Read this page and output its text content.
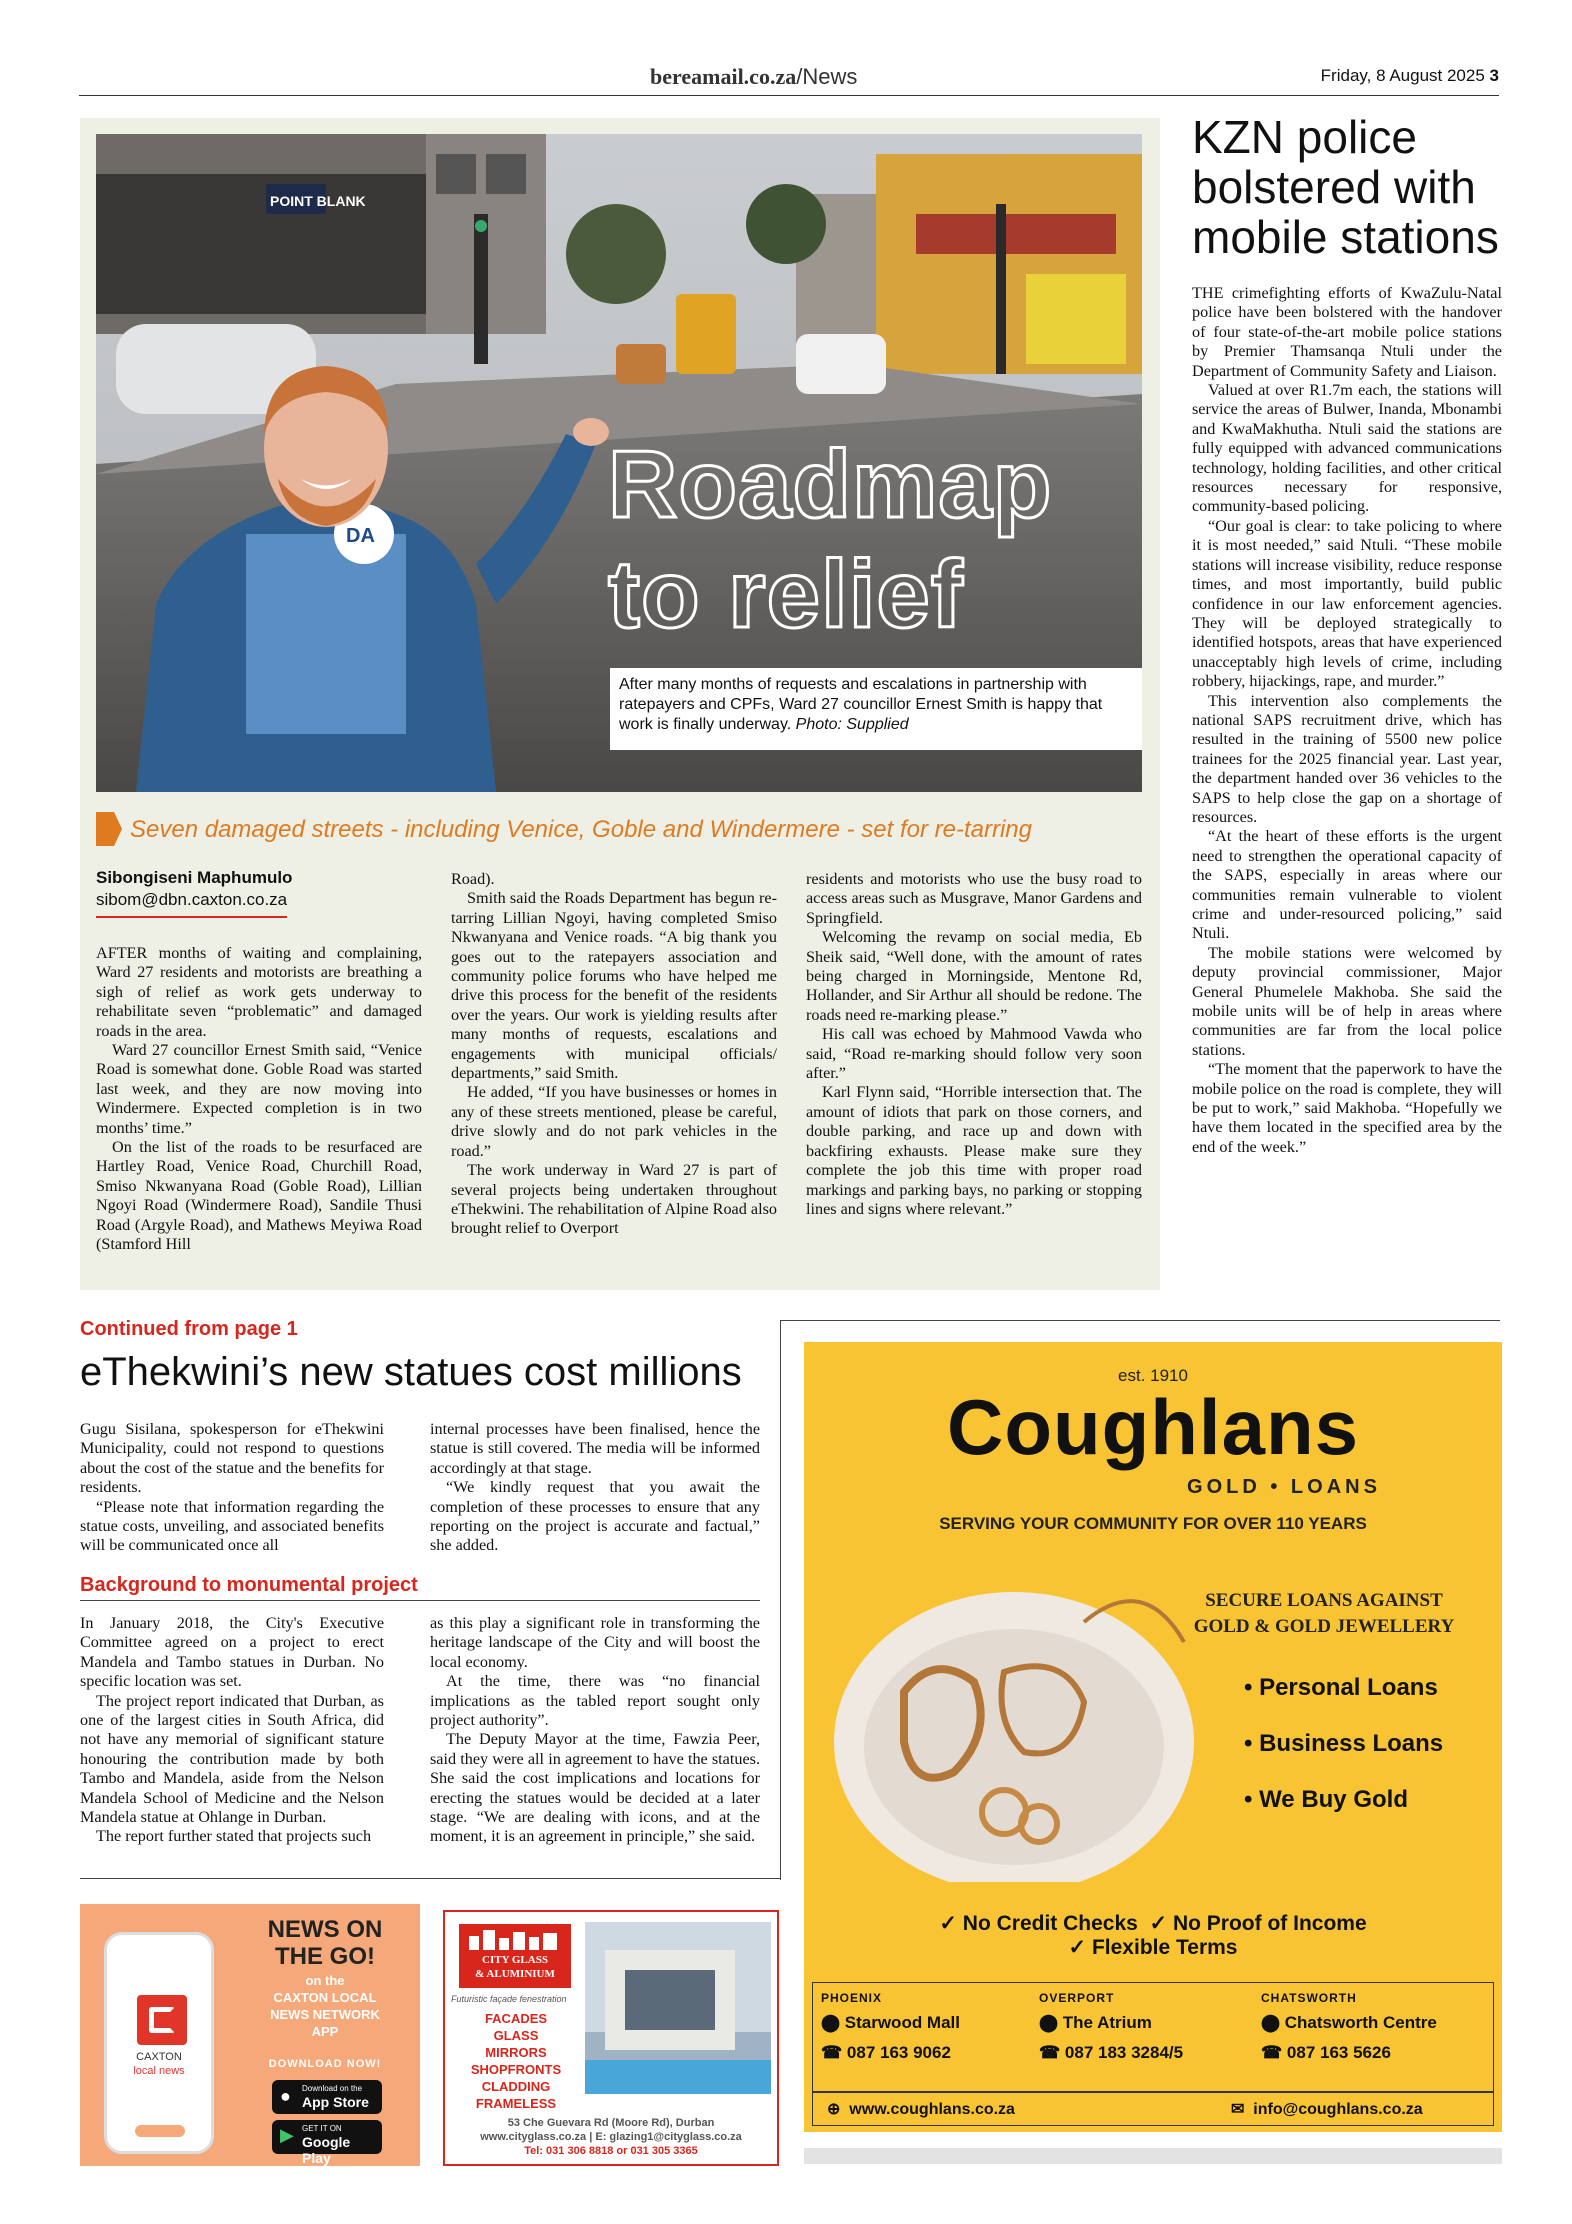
bereamail.co.za/News	Friday, 8 August 2025 3
POINT BLANK
DA Roadmap
to relief
After many months of requests and escalations in partnership with ratepayers and CPFs, Ward 27 councillor Ernest Smith is happy that work is finally underway. Photo: Supplied
Seven damaged streets - including Venice, Goble and Windermere - set for re-tarring
Sibongiseni Maphumulo
sibom@dbn.caxton.co.za

AFTER months of waiting and complaining, Ward 27 residents and motorists are breathing a sigh of relief as work gets underway to rehabilitate seven “problematic” and damaged roads in the area.

Ward 27 councillor Ernest Smith said, “Venice Road is somewhat done. Goble Road was started last week, and they are now moving into Windermere. Expected completion is in two months’ time.”

On the list of the roads to be resurfaced are Hartley Road, Venice Road, Churchill Road, Smiso Nkwanyana Road (Goble Road), Lillian Ngoyi Road (Windermere Road), Sandile Thusi Road (Argyle Road), and Mathews Meyiwa Road (Stamford Hill

Road).

Smith said the Roads Department has begun re-tarring Lillian Ngoyi, having completed Smiso Nkwanyana and Venice roads. “A big thank you goes out to the ratepayers association and community police forums who have helped me drive this process for the benefit of the residents over the years. Our work is yielding results after many months of requests, escalations and engagements with municipal officials/ departments,” said Smith.

He added, “If you have businesses or homes in any of these streets mentioned, please be careful, drive slowly and do not park vehicles in the road.”

The work underway in Ward 27 is part of several projects being undertaken throughout eThekwini. The rehabilitation of Alpine Road also brought relief to Overport

residents and motorists who use the busy road to access areas such as Musgrave, Manor Gardens and Springfield.

Welcoming the revamp on social media, Eb Sheik said, “Well done, with the amount of rates being charged in Morningside, Mentone Rd, Hollander, and Sir Arthur all should be redone. The roads need re-marking please.”

His call was echoed by Mahmood Vawda who said, “Road re-marking should follow very soon after.”

Karl Flynn said, “Horrible intersection that. The amount of idiots that park on those corners, and double parking, and race up and down with backfiring exhausts. Please make sure they complete the job this time with proper road markings and parking bays, no parking or stopping lines and signs where relevant.”

KZN police
bolstered with
mobile stations

THE crimefighting efforts of KwaZulu-Natal police have been bolstered with the handover of four state-of-the-art mobile police stations by Premier Thamsanqa Ntuli under the Department of Community Safety and Liaison.

Valued at over R1.7m each, the stations will service the areas of Bulwer, Inanda, Mbonambi and KwaMakhutha. Ntuli said the stations are fully equipped with advanced communications technology, holding facilities, and other critical resources necessary for responsive, community-based policing.

“Our goal is clear: to take policing to where it is most needed,” said Ntuli. “These mobile stations will increase visibility, reduce response times, and most importantly, build public confidence in our law enforcement agencies. They will be deployed strategically to identified hotspots, areas that have experienced unacceptably high levels of crime, including robbery, hijackings, rape, and murder.”

This intervention also complements the national SAPS recruitment drive, which has resulted in the training of 5500 new police trainees for the 2025 financial year. Last year, the department handed over 36 vehicles to the SAPS to help close the gap on a shortage of resources.

“At the heart of these efforts is the urgent need to strengthen the operational capacity of the SAPS, especially in areas where our communities remain vulnerable to violent crime and under-resourced policing,” said Ntuli.

The mobile stations were welcomed by deputy provincial commissioner, Major General Phumelele Makhoba. She said the mobile units will be of help in areas where communities are far from the local police stations.

“The moment that the paperwork to have the mobile police on the road is complete, they will be put to work,” said Makhoba. “Hopefully we have them located in the specified area by the end of the week.”

Continued from page 1
eThekwini’s new statues cost millions

Gugu Sisilana, spokesperson for eThekwini Municipality, could not respond to questions about the cost of the statue and the benefits for residents.

“Please note that information regarding the statue costs, unveiling, and associated benefits will be communicated once all

internal processes have been finalised, hence the statue is still covered. The media will be informed accordingly at that stage.

“We kindly request that you await the completion of these processes to ensure that any reporting on the project is accurate and factual,” she added.

Background to monumental project

In January 2018, the City's Executive Committee agreed on a project to erect Mandela and Tambo statues in Durban. No specific location was set.

The project report indicated that Durban, as one of the largest cities in South Africa, did not have any memorial of significant stature honouring the contribution made by both Tambo and Mandela, aside from the Nelson Mandela School of Medicine and the Nelson Mandela statue at Ohlange in Durban.

The report further stated that projects such

as this play a significant role in transforming the heritage landscape of the City and will boost the local economy.

At the time, there was “no financial implications as the tabled report sought only project authority”.

The Deputy Mayor at the time, Fawzia Peer, said they were all in agreement to have the statues. She said the cost implications and locations for erecting the statues would be decided at a later stage. “We are dealing with icons, and at the moment, it is an agreement in principle,” she said.

CAXTON
local news
NEWS ON
THE GO!
on the
CAXTON LOCAL
NEWS NETWORK
APP
DOWNLOAD NOW!
● Download on the
App Store
▶ GET IT ON
Google Play
CITY GLASS
& ALUMINIUM
Futuristic façade fenestration
FACADES
GLASS
MIRRORS
SHOPFRONTS
CLADDING
FRAMELESS
53 Che Guevara Rd (Moore Rd), Durban
www.cityglass.co.za | E: glazing1@cityglass.co.za
Tel: 031 306 8818 or 031 305 3365
est. 1910
Coughlans
GOLD • LOANS
SERVING YOUR COMMUNITY FOR OVER 110 YEARS
SECURE LOANS AGAINST
GOLD & GOLD JEWELLERY
• Personal Loans
• Business Loans
• We Buy Gold
✓ No Credit Checks ✓ No Proof of Income
✓ Flexible Terms
PHOENIX
⬤ Starwood Mall
☎ 087 163 9062
OVERPORT
⬤ The Atrium
☎ 087 183 3284/5
CHATSWORTH
⬤ Chatsworth Centre
☎ 087 163 5626
⊕ www.coughlans.co.za	✉ info@coughlans.co.za
